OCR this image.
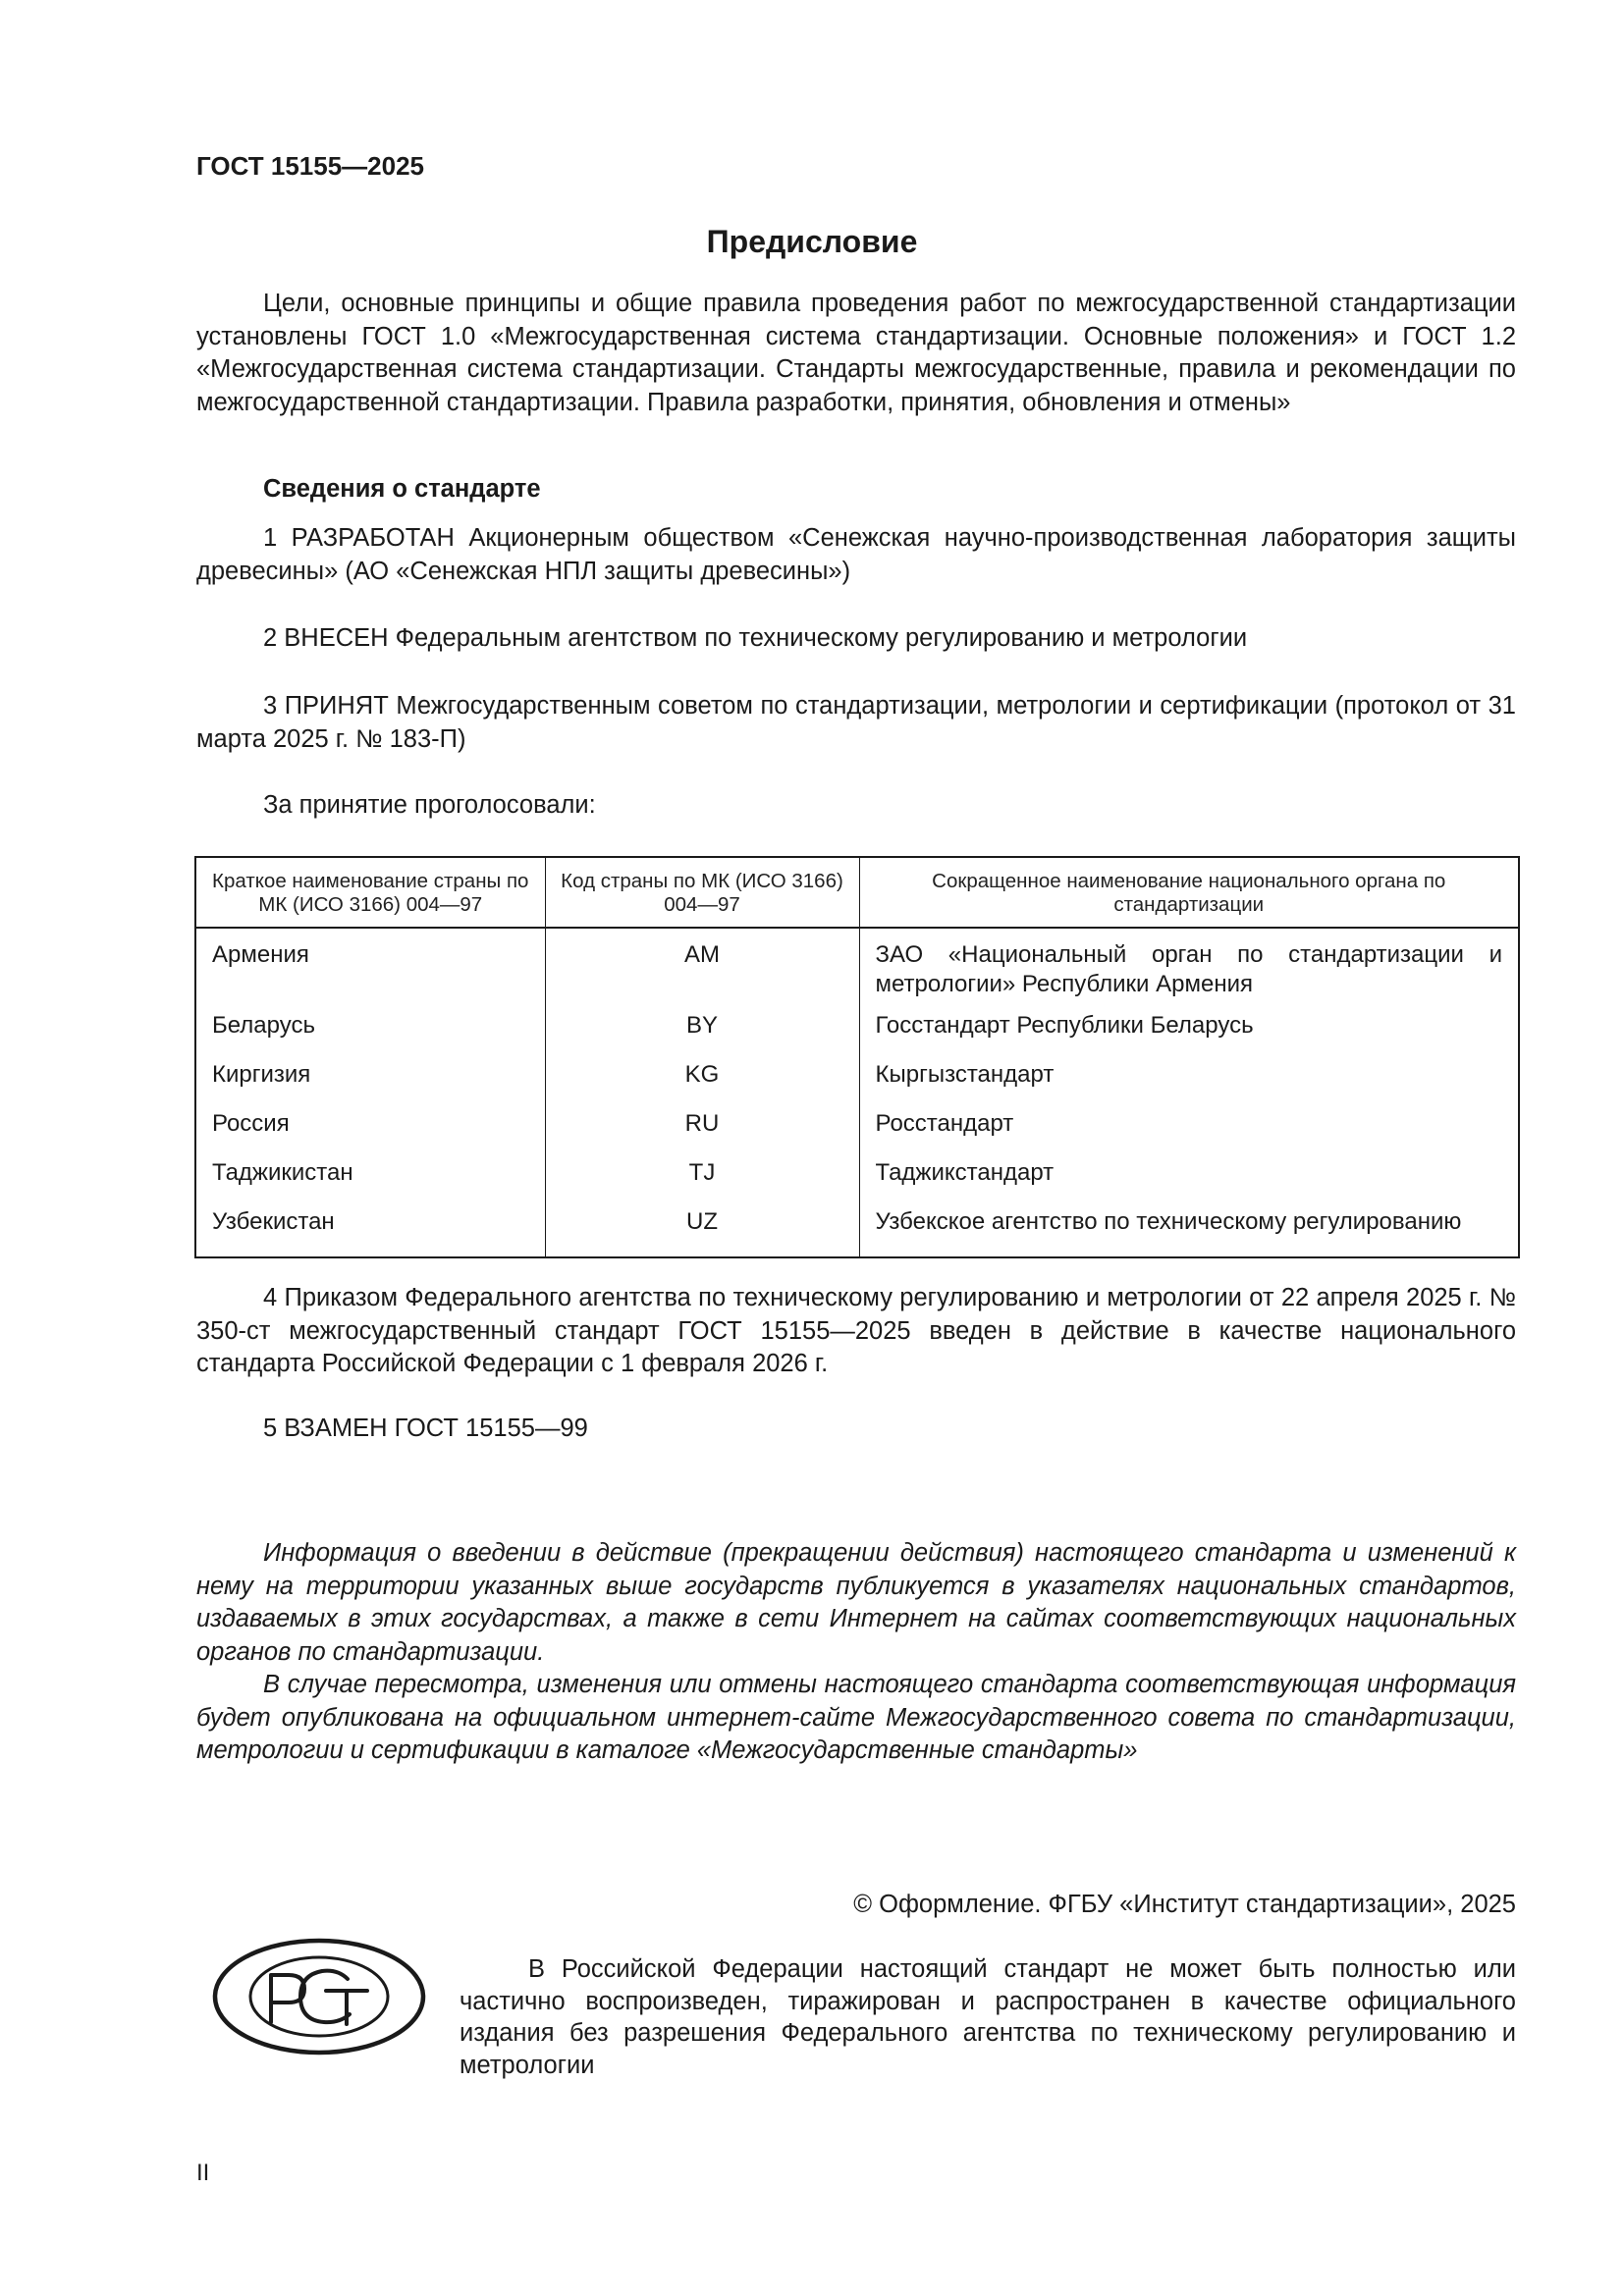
ГОСТ 15155—2025
Предисловие
Цели, основные принципы и общие правила проведения работ по межгосударственной стандартизации установлены ГОСТ 1.0 «Межгосударственная система стандартизации. Основные положения» и ГОСТ 1.2 «Межгосударственная система стандартизации. Стандарты межгосударственные, правила и рекомендации по межгосударственной стандартизации. Правила разработки, принятия, обновления и отмены»
Сведения о стандарте
1 РАЗРАБОТАН Акционерным обществом «Сенежская научно-производственная лаборатория защиты древесины» (АО «Сенежская НПЛ защиты древесины»)
2 ВНЕСЕН Федеральным агентством по техническому регулированию и метрологии
3 ПРИНЯТ Межгосударственным советом по стандартизации, метрологии и сертификации (протокол от 31 марта 2025 г. № 183-П)
За принятие проголосовали:
Краткое наименование страны по МК (ИСО 3166) 004—97	Код страны по МК (ИСО 3166) 004—97	Сокращенное наименование национального органа по стандартизации
Армения	AM	ЗАО «Национальный орган по стандартизации и метрологии» Республики Армения
Беларусь	BY	Госстандарт Республики Беларусь
Киргизия	KG	Кыргызстандарт
Россия	RU	Росстандарт
Таджикистан	TJ	Таджикстандарт
Узбекистан	UZ	Узбекское агентство по техническому регулированию
4 Приказом Федерального агентства по техническому регулированию и метрологии от 22 апреля 2025 г. № 350-ст межгосударственный стандарт ГОСТ 15155—2025 введен в действие в качестве национального стандарта Российской Федерации с 1 февраля 2026 г.
5 ВЗАМЕН ГОСТ 15155—99
Информация о введении в действие (прекращении действия) настоящего стандарта и изменений к нему на территории указанных выше государств публикуется в указателях национальных стандартов, издаваемых в этих государствах, а также в сети Интернет на сайтах соответствующих национальных органов по стандартизации.
В случае пересмотра, изменения или отмены настоящего стандарта соответствующая информация будет опубликована на официальном интернет-сайте Межгосударственного совета по стандартизации, метрологии и сертификации в каталоге «Межгосударственные стандарты»
© Оформление. ФГБУ «Институт стандартизации», 2025
В Российской Федерации настоящий стандарт не может быть полностью или частично воспроизведен, тиражирован и распространен в качестве официального издания без разрешения Федерального агентства по техническому регулированию и метрологии
II
